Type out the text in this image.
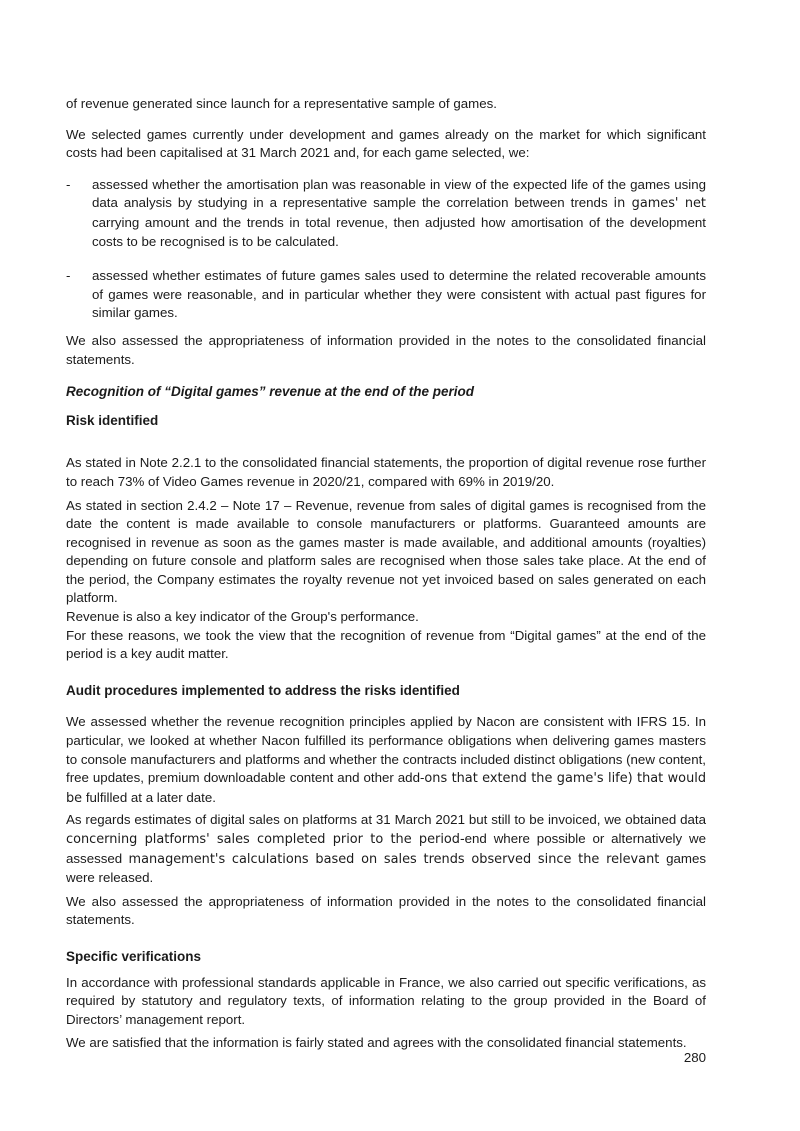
of revenue generated since launch for a representative sample of games.
We selected games currently under development and games already on the market for which significant costs had been capitalised at 31 March 2021 and, for each game selected, we:
- assessed whether the amortisation plan was reasonable in view of the expected life of the games using data analysis by studying in a representative sample the correlation between trends in games' net carrying amount and the trends in total revenue, then adjusted how amortisation of the development costs to be recognised is to be calculated.
- assessed whether estimates of future games sales used to determine the related recoverable amounts of games were reasonable, and in particular whether they were consistent with actual past figures for similar games.
We also assessed the appropriateness of information provided in the notes to the consolidated financial statements.
Recognition of “Digital games” revenue at the end of the period
Risk identified
As stated in Note 2.2.1 to the consolidated financial statements, the proportion of digital revenue rose further to reach 73% of Video Games revenue in 2020/21, compared with 69% in 2019/20.
As stated in section 2.4.2 – Note 17 – Revenue, revenue from sales of digital games is recognised from the date the content is made available to console manufacturers or platforms. Guaranteed amounts are recognised in revenue as soon as the games master is made available, and additional amounts (royalties) depending on future console and platform sales are recognised when those sales take place. At the end of the period, the Company estimates the royalty revenue not yet invoiced based on sales generated on each platform.
Revenue is also a key indicator of the Group's performance.
For these reasons, we took the view that the recognition of revenue from “Digital games” at the end of the period is a key audit matter.
Audit procedures implemented to address the risks identified
We assessed whether the revenue recognition principles applied by Nacon are consistent with IFRS 15. In particular, we looked at whether Nacon fulfilled its performance obligations when delivering games masters to console manufacturers and platforms and whether the contracts included distinct obligations (new content, free updates, premium downloadable content and other add-ons that extend the game's life) that would be fulfilled at a later date.
As regards estimates of digital sales on platforms at 31 March 2021 but still to be invoiced, we obtained data concerning platforms' sales completed prior to the period-end where possible or alternatively we assessed management's calculations based on sales trends observed since the relevant games were released.
We also assessed the appropriateness of information provided in the notes to the consolidated financial statements.
Specific verifications
In accordance with professional standards applicable in France, we also carried out specific verifications, as required by statutory and regulatory texts, of information relating to the group provided in the Board of Directors’ management report.
We are satisfied that the information is fairly stated and agrees with the consolidated financial statements.
280
